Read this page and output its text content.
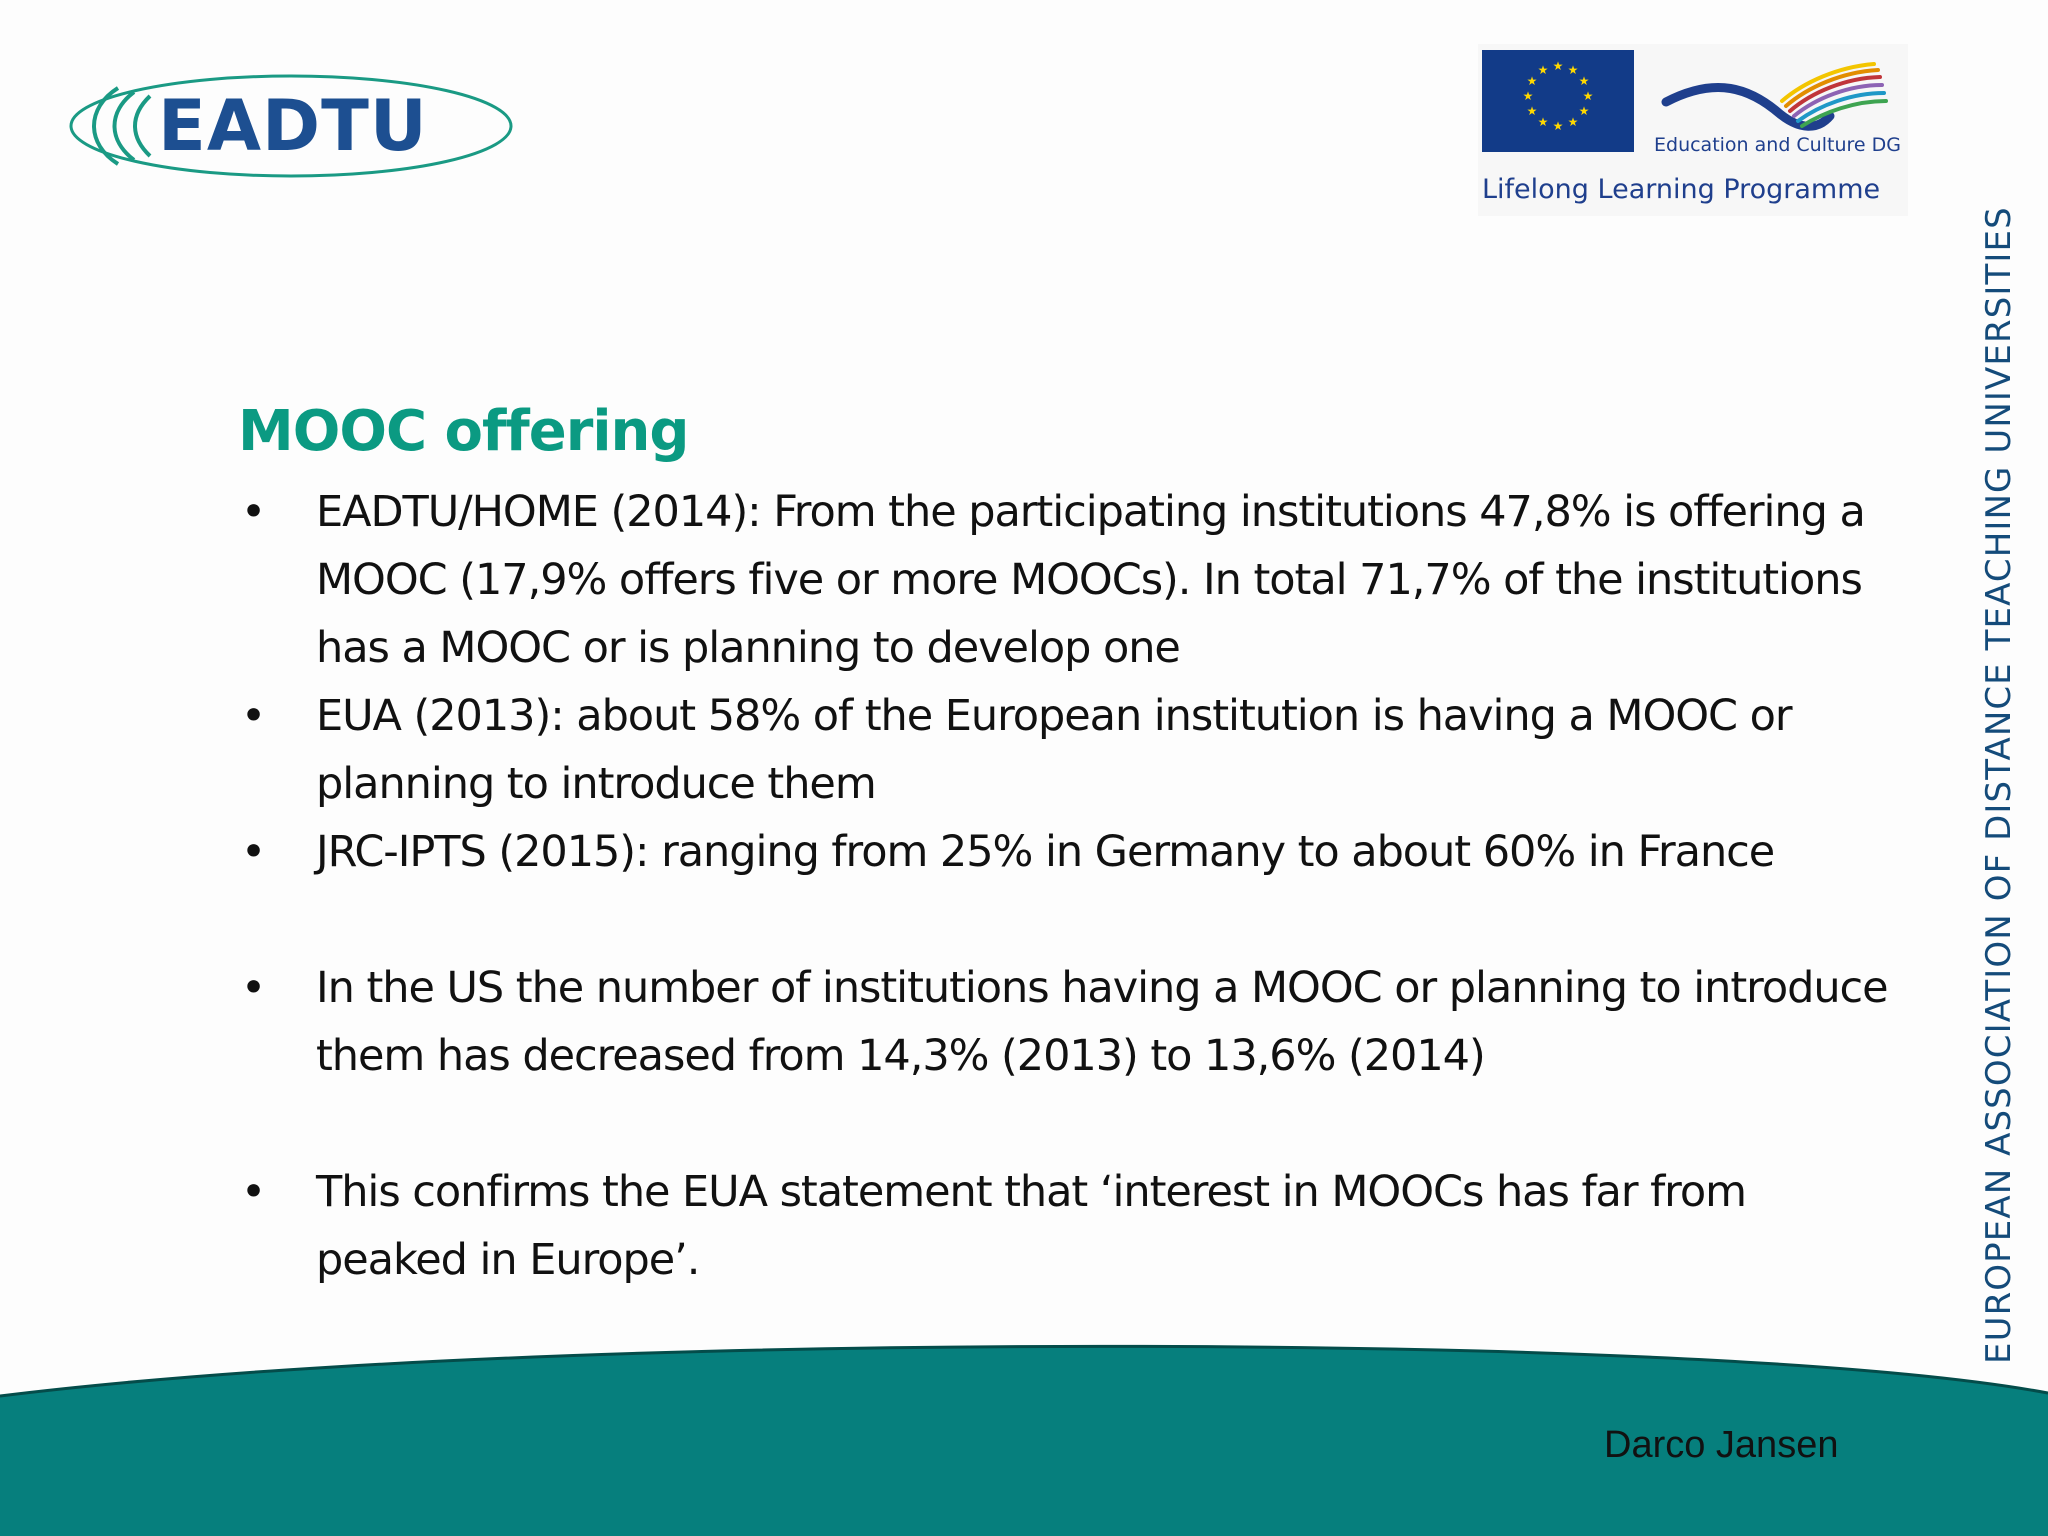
EADTU
★ ★
★
★
★
★
★
★
★
★
★
★
Education and Culture DG
Lifelong Learning Programme
EUROPEAN ASSOCIATION OF DISTANCE TEACHING UNIVERSITIES
MOOC offering
• EADTU/HOME (2014): From the participating institutions 47,8% is offering a MOOC (17,9% offers five or more MOOCs). In total 71,7% of the institutions has a MOOC or is planning to develop one
• EUA (2013): about 58% of the European institution is having a MOOC or planning to introduce them
• JRC-IPTS (2015): ranging from 25% in Germany to about 60% in France
• In the US the number of institutions having a MOOC or planning to introduce them has decreased from 14,3% (2013) to 13,6% (2014)
• This confirms the EUA statement that ‘interest in MOOCs has far from peaked in Europe’.
Darco Jansen
